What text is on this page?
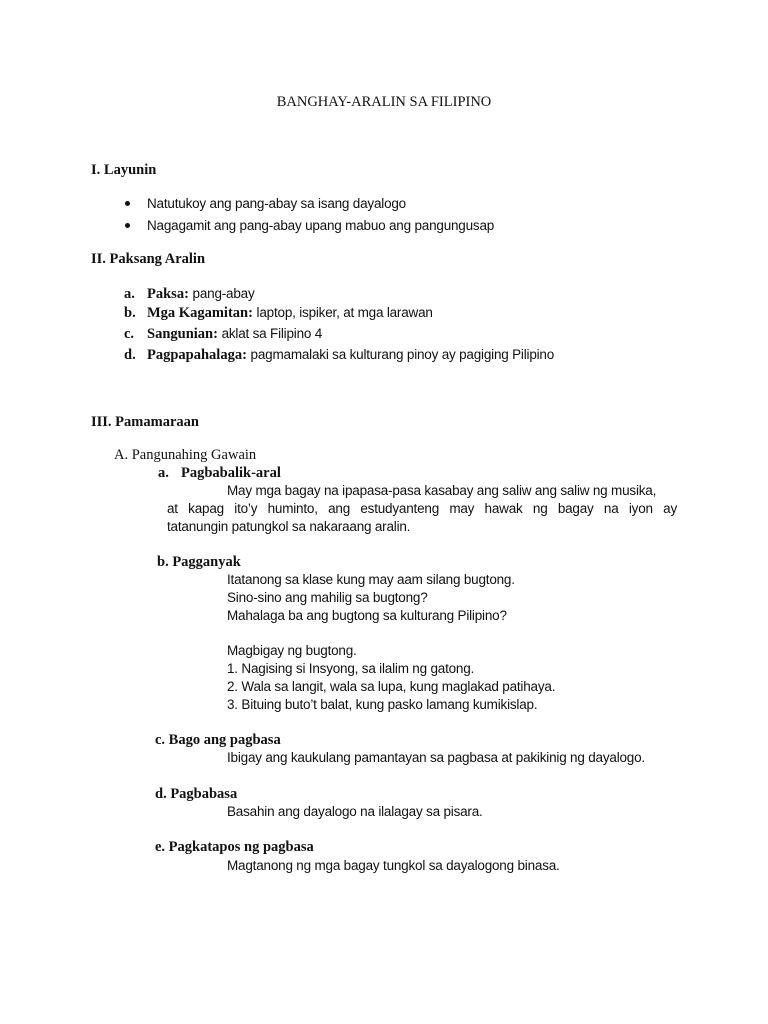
BANGHAY-ARALIN SA FILIPINO
I. Layunin
Natutukoy ang pang-abay sa isang dayalogo
Nagagamit ang pang-abay upang mabuo ang pangungusap
II. Paksang Aralin
a. Paksa: pang-abay
b. Mga Kagamitan: laptop, ispiker, at mga larawan
c. Sangunian: aklat sa Filipino 4
d. Pagpapahalaga: pagmamalaki sa kulturang pinoy ay pagiging Pilipino
III. Pamamaraan
A. Pangunahing Gawain
a. Pagbabalik-aral
May mga bagay na ipapasa-pasa kasabay ang saliw ang saliw ng musika,
at kapag ito’y huminto, ang estudyanteng may hawak ng bagay na iyon ay
tatanungin patungkol sa nakaraang aralin.
b. Pagganyak
Itatanong sa klase kung may aam silang bugtong.
Sino-sino ang mahilig sa bugtong?
Mahalaga ba ang bugtong sa kulturang Pilipino?
Magbigay ng bugtong.
1. Nagising si Insyong, sa ilalim ng gatong.
2. Wala sa langit, wala sa lupa, kung maglakad patihaya.
3. Bituing buto’t balat, kung pasko lamang kumikislap.
c. Bago ang pagbasa
Ibigay ang kaukulang pamantayan sa pagbasa at pakikinig ng dayalogo.
d. Pagbabasa
Basahin ang dayalogo na ilalagay sa pisara.
e. Pagkatapos ng pagbasa
Magtanong ng mga bagay tungkol sa dayalogong binasa.
